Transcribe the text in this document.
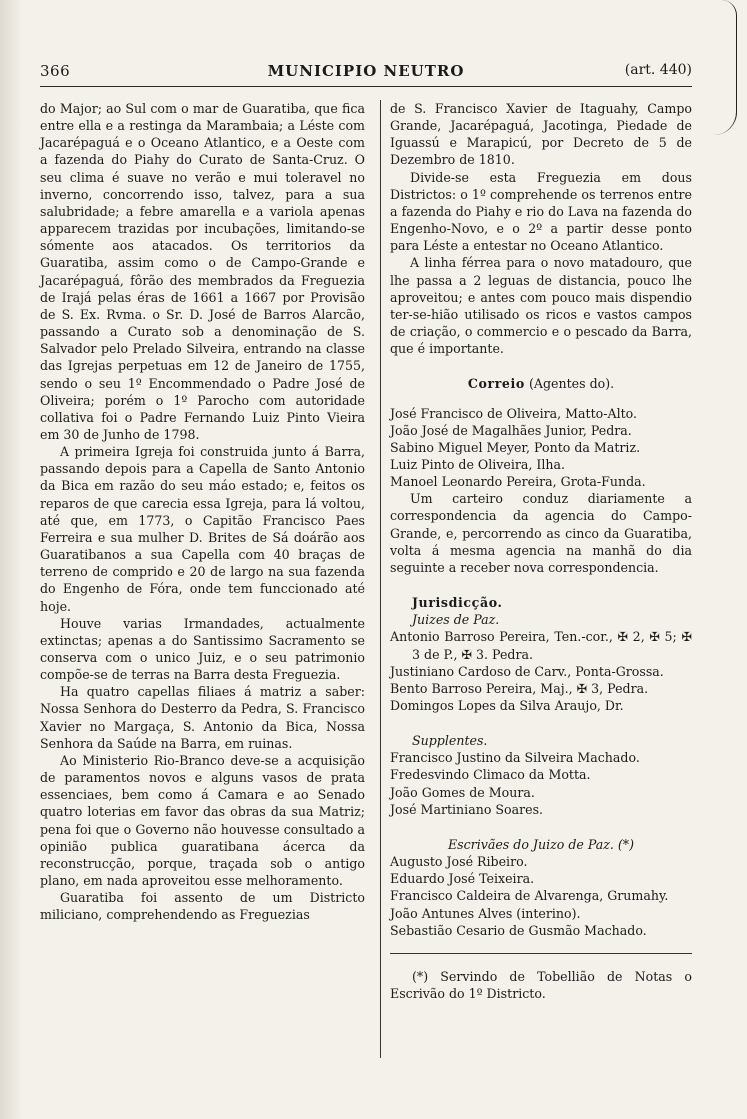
366	MUNICIPIO NEUTRO	(art. 440)

do Major; ao Sul com o mar de Guaratiba, que fica entre ella e a restinga da Marambaia; a Léste com Jacarépaguá e o Oceano Atlantico, e a Oeste com a fazenda do Piahy do Curato de Santa-Cruz. O seu clima é suave no verão e mui toleravel no inverno, concorrendo isso, talvez, para a sua salubridade; a febre amarella e a variola apenas apparecem trazidas por incubações, limitando-se sómente aos atacados. Os territorios da Guaratiba, assim como o de Campo-Grande e Jacarépaguá, fôrão des membrados da Freguezia de Irajá pelas éras de 1661 a 1667 por Provisão de S. Ex. Rvma. o Sr. D. José de Barros Alarcão, passando a Curato sob a denominação de S. Salvador pelo Prelado Silveira, entrando na classe das Igrejas perpetuas em 12 de Janeiro de 1755, sendo o seu 1º Encommendado o Padre José de Oliveira; porém o 1º Parocho com autoridade collativa foi o Padre Fernando Luiz Pinto Vieira em 30 de Junho de 1798.

A primeira Igreja foi construida junto á Barra, passando depois para a Capella de Santo Antonio da Bica em razão do seu máo estado; e, feitos os reparos de que carecia essa Igreja, para lá voltou, até que, em 1773, o Capitão Francisco Paes Ferreira e sua mulher D. Brites de Sá doárão aos Guaratibanos a sua Capella com 40 braças de terreno de comprido e 20 de largo na sua fazenda do Engenho de Fóra, onde tem funccionado até hoje.

Houve varias Irmandades, actualmente extinctas; apenas a do Santissimo Sacramento se conserva com o unico Juiz, e o seu patrimonio compõe-se de terras na Barra desta Freguezia.

Ha quatro capellas filiaes á matriz a saber: Nossa Senhora do Desterro da Pedra, S. Francisco Xavier no Margaça, S. Antonio da Bica, Nossa Senhora da Saúde na Barra, em ruinas.

Ao Ministerio Rio-Branco deve-se a acquisição de paramentos novos e alguns vasos de prata essenciaes, bem como á Camara e ao Senado quatro loterias em favor das obras da sua Matriz; pena foi que o Governo não houvesse consultado a opinião publica guaratibana ácerca da reconstrucção, porque, traçada sob o antigo plano, em nada aproveitou esse melhoramento.

Guaratiba foi assento de um Districto miliciano, comprehendendo as Freguezias

de S. Francisco Xavier de Itaguahy, Campo Grande, Jacarépaguá, Jacotinga, Piedade de Iguassú e Marapicú, por Decreto de 5 de Dezembro de 1810.

Divide-se esta Freguezia em dous Districtos: o 1º comprehende os terrenos entre a fazenda do Piahy e rio do Lava na fazenda do Engenho-Novo, e o 2º a partir desse ponto para Léste a entestar no Oceano Atlantico.

A linha férrea para o novo matadouro, que lhe passa a 2 leguas de distancia, pouco lhe aproveitou; e antes com pouco mais dispendio ter-se-hião utilisado os ricos e vastos campos de criação, o commercio e o pescado da Barra, que é importante.

Correio (Agentes do).

José Francisco de Oliveira, Matto-Alto.

João José de Magalhães Junior, Pedra.

Sabino Miguel Meyer, Ponto da Matriz.

Luiz Pinto de Oliveira, Ilha.

Manoel Leonardo Pereira, Grota-Funda.

Um carteiro conduz diariamente a correspondencia da agencia do Campo-Grande, e, percorrendo as cinco da Guaratiba, volta á mesma agencia na manhã do dia seguinte a receber nova correspondencia.

Jurisdicção.

Juizes de Paz.

Antonio Barroso Pereira, Ten.-cor., ✠ 2, ✠ 5; ✠ 3 de P., ✠ 3. Pedra.

Justiniano Cardoso de Carv., Ponta-Grossa.

Bento Barroso Pereira, Maj., ✠ 3, Pedra.

Domingos Lopes da Silva Araujo, Dr.

Supplentes.

Francisco Justino da Silveira Machado.

Fredesvindo Climaco da Motta.

João Gomes de Moura.

José Martiniano Soares.

Escrivães do Juizo de Paz. (*)

Augusto José Ribeiro.

Eduardo José Teixeira.

Francisco Caldeira de Alvarenga, Grumahy.

João Antunes Alves (interino).

Sebastião Cesario de Gusmão Machado.

(*) Servindo de Tobellião de Notas o Escrivão do 1º Districto.
